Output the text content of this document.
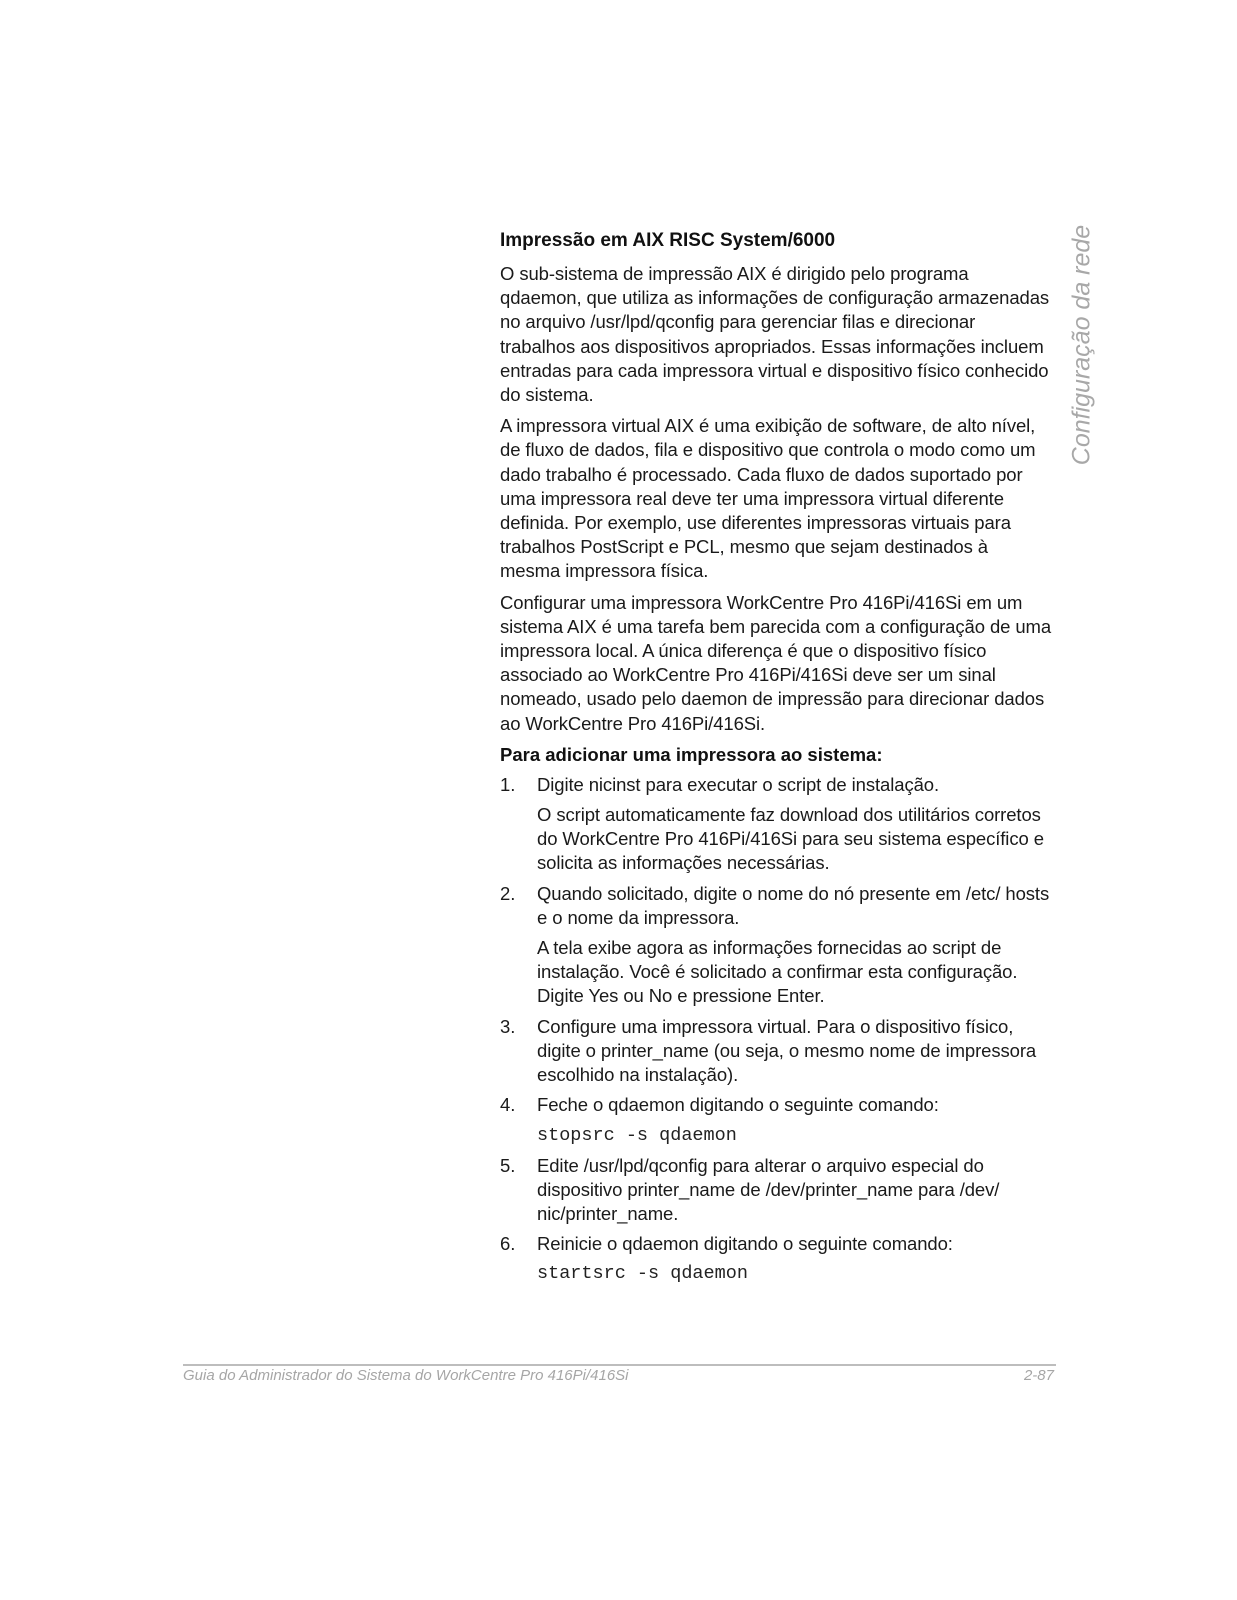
Configuração da rede
Impressão em AIX RISC System/6000

O sub-sistema de impressão AIX é dirigido pelo programa qdaemon, que utiliza as informações de configuração armazenadas no arquivo /usr/lpd/qconfig para gerenciar filas e direcionar trabalhos aos dispositivos apropriados. Essas informações incluem entradas para cada impressora virtual e dispositivo físico conhecido do sistema.

A impressora virtual AIX é uma exibição de software, de alto nível, de fluxo de dados, fila e dispositivo que controla o modo como um dado trabalho é processado. Cada fluxo de dados suportado por uma impressora real deve ter uma impressora virtual diferente definida. Por exemplo, use diferentes impressoras virtuais para trabalhos PostScript e PCL, mesmo que sejam destinados à mesma impressora física.

Configurar uma impressora WorkCentre Pro 416Pi/416Si em um sistema AIX é uma tarefa bem parecida com a configuração de uma impressora local. A única diferença é que o dispositivo físico associado ao WorkCentre Pro 416Pi/416Si deve ser um sinal nomeado, usado pelo daemon de impressão para direcionar dados ao WorkCentre Pro 416Pi/416Si.

Para adicionar uma impressora ao sistema:
1. Digite nicinst para executar o script de instalação.

O script automaticamente faz download dos utilitários corretos do WorkCentre Pro 416Pi/416Si para seu sistema específico e solicita as informações necessárias.

2. Quando solicitado, digite o nome do nó presente em /etc/ hosts e o nome da impressora.

A tela exibe agora as informações fornecidas ao script de instalação. Você é solicitado a confirmar esta configuração. Digite Yes ou No e pressione Enter.

3. Configure uma impressora virtual. Para o dispositivo físico, digite o printer_name (ou seja, o mesmo nome de impressora escolhido na instalação).

4. Feche o qdaemon digitando o seguinte comando:

stopsrc -s qdaemon
5. Edite /usr/lpd/qconfig para alterar o arquivo especial do dispositivo printer_name de /dev/printer_name para /dev/ nic/printer_name.

6. Reinicie o qdaemon digitando o seguinte comando:

startsrc -s qdaemon
Guia do Administrador do Sistema do WorkCentre Pro 416Pi/416Si	2-87
